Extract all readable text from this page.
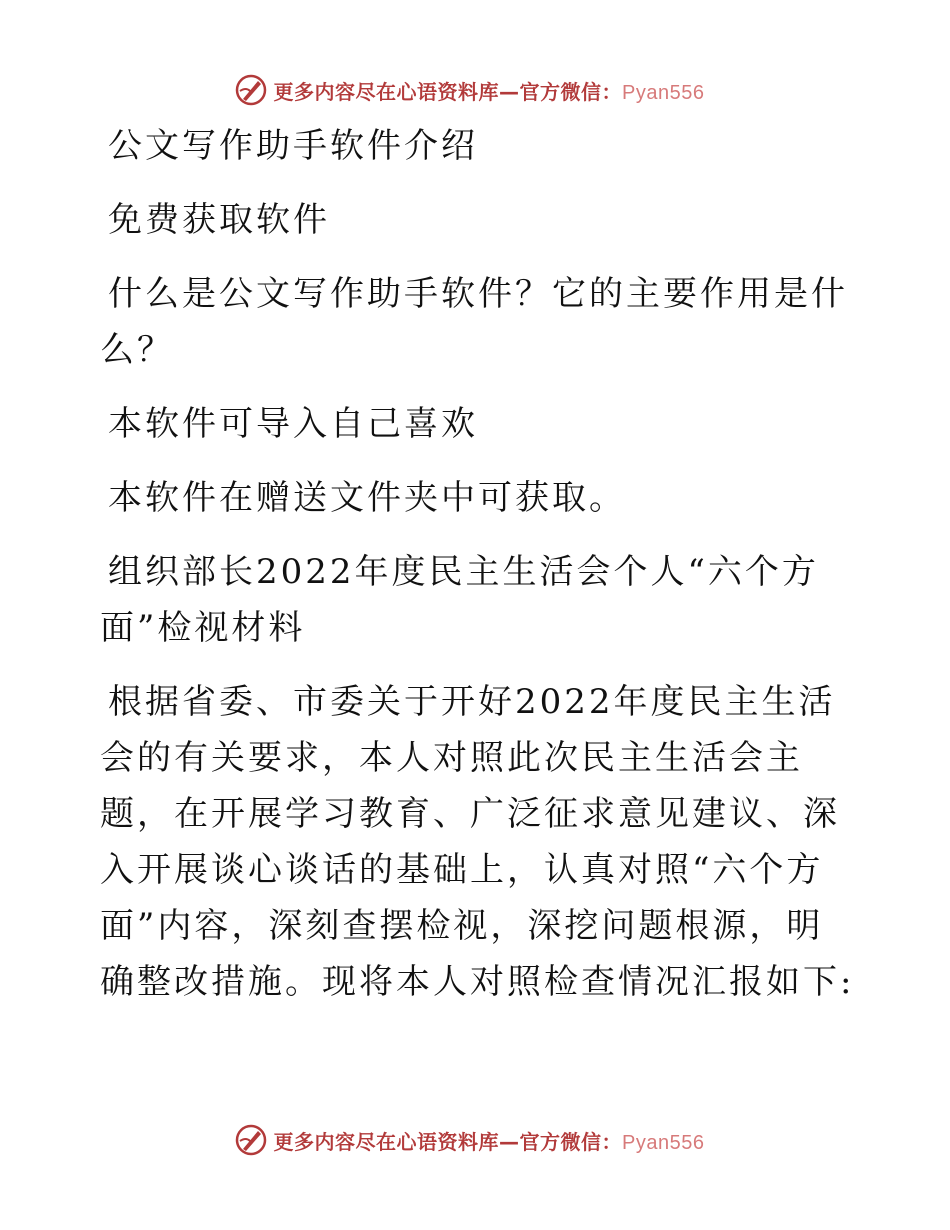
更多内容尽在心语资料库—官方微信：Pyan556

公文写作助手软件介绍

免费获取软件

什么是公文写作助手软件？它的主要作用是什么？

本软件可导入自己喜欢

本软件在赠送文件夹中可获取。

组织部长2022年度民主生活会个人“六个方面”检视材料

根据省委、市委关于开好2022年度民主生活会的有关要求，本人对照此次民主生活会主题，在开展学习教育、广泛征求意见建议、深入开展谈心谈话的基础上，认真对照“六个方面”内容，深刻查摆检视，深挖问题根源，明确整改措施。现将本人对照检查情况汇报如下:

更多内容尽在心语资料库—官方微信：Pyan556
